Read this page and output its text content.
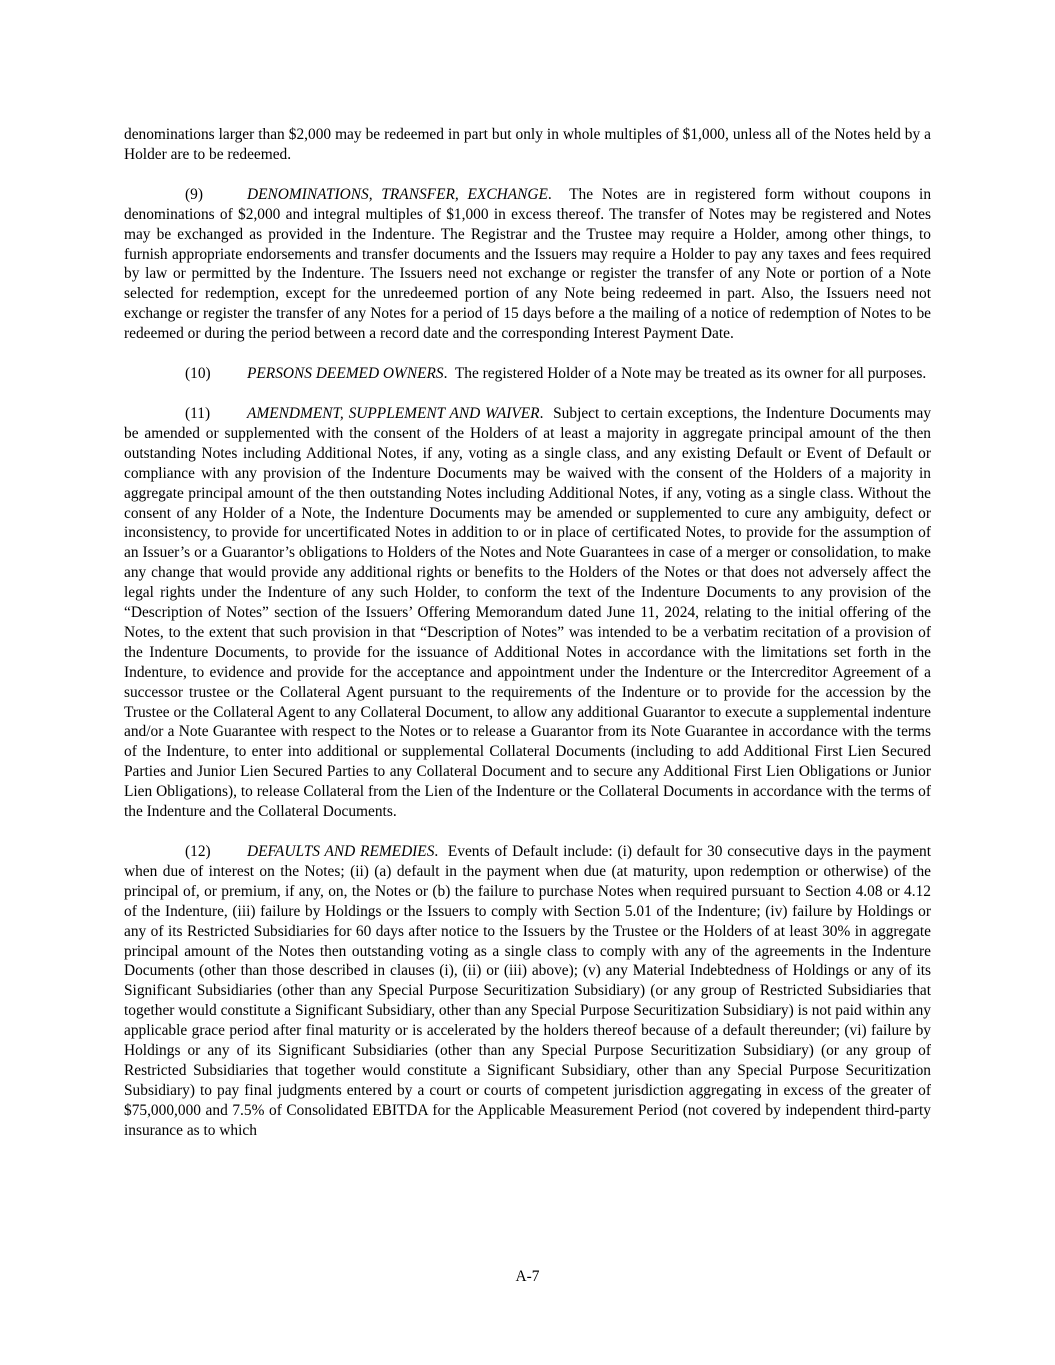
denominations larger than $2,000 may be redeemed in part but only in whole multiples of $1,000, unless all of the Notes held by a Holder are to be redeemed.

(9)	DENOMINATIONS, TRANSFER, EXCHANGE.  The Notes are in registered form without coupons in denominations of $2,000 and integral multiples of $1,000 in excess thereof. The transfer of Notes may be registered and Notes may be exchanged as provided in the Indenture. The Registrar and the Trustee may require a Holder, among other things, to furnish appropriate endorsements and transfer documents and the Issuers may require a Holder to pay any taxes and fees required by law or permitted by the Indenture. The Issuers need not exchange or register the transfer of any Note or portion of a Note selected for redemption, except for the unredeemed portion of any Note being redeemed in part. Also, the Issuers need not exchange or register the transfer of any Notes for a period of 15 days before a the mailing of a notice of redemption of Notes to be redeemed or during the period between a record date and the corresponding Interest Payment Date.

(10) PERSONS DEEMED OWNERS.  The registered Holder of a Note may be treated as its owner for all purposes.

(11) AMENDMENT, SUPPLEMENT AND WAIVER.  Subject to certain exceptions, the Indenture Documents may be amended or supplemented with the consent of the Holders of at least a majority in aggregate principal amount of the then outstanding Notes including Additional Notes, if any, voting as a single class, and any existing Default or Event of Default or compliance with any provision of the Indenture Documents may be waived with the consent of the Holders of a majority in aggregate principal amount of the then outstanding Notes including Additional Notes, if any, voting as a single class. Without the consent of any Holder of a Note, the Indenture Documents may be amended or supplemented to cure any ambiguity, defect or inconsistency, to provide for uncertificated Notes in addition to or in place of certificated Notes, to provide for the assumption of an Issuer’s or a Guarantor’s obligations to Holders of the Notes and Note Guarantees in case of a merger or consolidation, to make any change that would provide any additional rights or benefits to the Holders of the Notes or that does not adversely affect the legal rights under the Indenture of any such Holder, to conform the text of the Indenture Documents to any provision of the “Description of Notes” section of the Issuers’ Offering Memorandum dated June 11, 2024, relating to the initial offering of the Notes, to the extent that such provision in that “Description of Notes” was intended to be a verbatim recitation of a provision of the Indenture Documents, to provide for the issuance of Additional Notes in accordance with the limitations set forth in the Indenture, to evidence and provide for the acceptance and appointment under the Indenture or the Intercreditor Agreement of a successor trustee or the Collateral Agent pursuant to the requirements of the Indenture or to provide for the accession by the Trustee or the Collateral Agent to any Collateral Document, to allow any additional Guarantor to execute a supplemental indenture and/or a Note Guarantee with respect to the Notes or to release a Guarantor from its Note Guarantee in accordance with the terms of the Indenture, to enter into additional or supplemental Collateral Documents (including to add Additional First Lien Secured Parties and Junior Lien Secured Parties to any Collateral Document and to secure any Additional First Lien Obligations or Junior Lien Obligations), to release Collateral from the Lien of the Indenture or the Collateral Documents in accordance with the terms of the Indenture and the Collateral Documents.

(12) DEFAULTS AND REMEDIES.  Events of Default include: (i) default for 30 consecutive days in the payment when due of interest on the Notes; (ii) (a) default in the payment when due (at maturity, upon redemption or otherwise) of the principal of, or premium, if any, on, the Notes or (b) the failure to purchase Notes when required pursuant to Section 4.08 or 4.12 of the Indenture, (iii) failure by Holdings or the Issuers to comply with Section 5.01 of the Indenture; (iv) failure by Holdings or any of its Restricted Subsidiaries for 60 days after notice to the Issuers by the Trustee or the Holders of at least 30% in aggregate principal amount of the Notes then outstanding voting as a single class to comply with any of the agreements in the Indenture Documents (other than those described in clauses (i), (ii) or (iii) above); (v) any Material Indebtedness of Holdings or any of its Significant Subsidiaries (other than any Special Purpose Securitization Subsidiary) (or any group of Restricted Subsidiaries that together would constitute a Significant Subsidiary, other than any Special Purpose Securitization Subsidiary) is not paid within any applicable grace period after final maturity or is accelerated by the holders thereof because of a default thereunder; (vi) failure by Holdings or any of its Significant Subsidiaries (other than any Special Purpose Securitization Subsidiary) (or any group of Restricted Subsidiaries that together would constitute a Significant Subsidiary, other than any Special Purpose Securitization Subsidiary) to pay final judgments entered by a court or courts of competent jurisdiction aggregating in excess of the greater of $75,000,000 and 7.5% of Consolidated EBITDA for the Applicable Measurement Period (not covered by independent third-party insurance as to which

A-7
